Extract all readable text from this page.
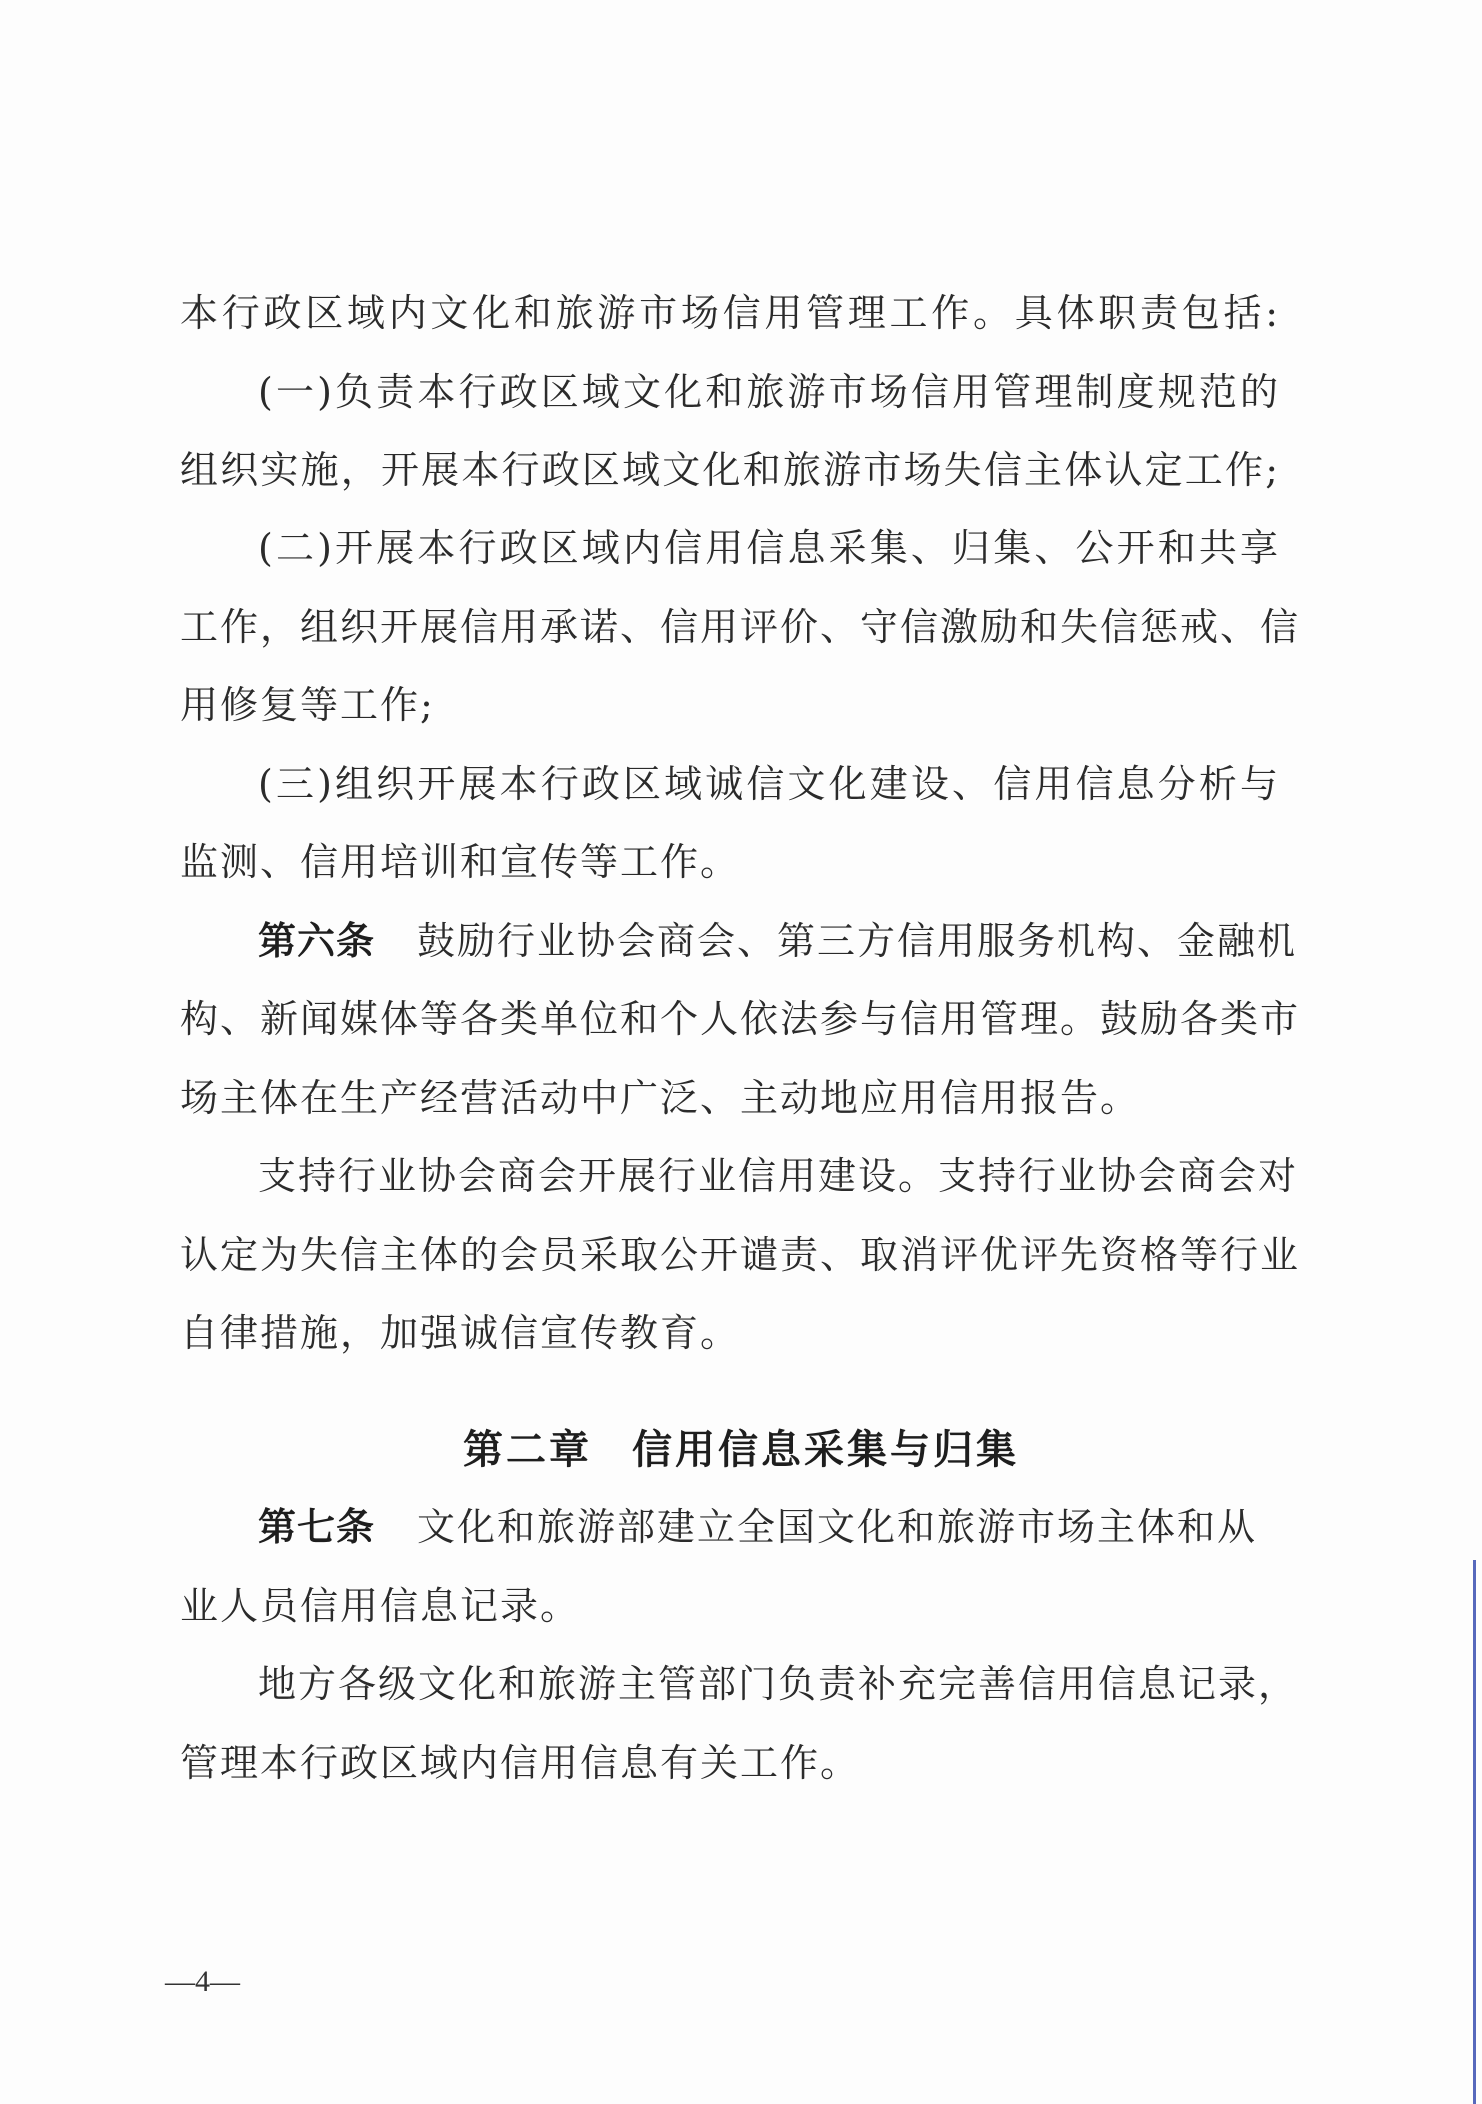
本行政区域内文化和旅游市场信用管理工作。具体职责包括:
(一)负责本行政区域文化和旅游市场信用管理制度规范的
组织实施，开展本行政区域文化和旅游市场失信主体认定工作;
(二)开展本行政区域内信用信息采集、归集、公开和共享
工作，组织开展信用承诺、信用评价、守信激励和失信惩戒、信
用修复等工作;
(三)组织开展本行政区域诚信文化建设、信用信息分析与
监测、信用培训和宣传等工作。
第六条 鼓励行业协会商会、第三方信用服务机构、金融机
构、新闻媒体等各类单位和个人依法参与信用管理。鼓励各类市
场主体在生产经营活动中广泛、主动地应用信用报告。
支持行业协会商会开展行业信用建设。支持行业协会商会对
认定为失信主体的会员采取公开谴责、取消评优评先资格等行业
自律措施，加强诚信宣传教育。
第二章 信用信息采集与归集
第七条 文化和旅游部建立全国文化和旅游市场主体和从
业人员信用信息记录。
地方各级文化和旅游主管部门负责补充完善信用信息记录，
管理本行政区域内信用信息有关工作。
—4—
